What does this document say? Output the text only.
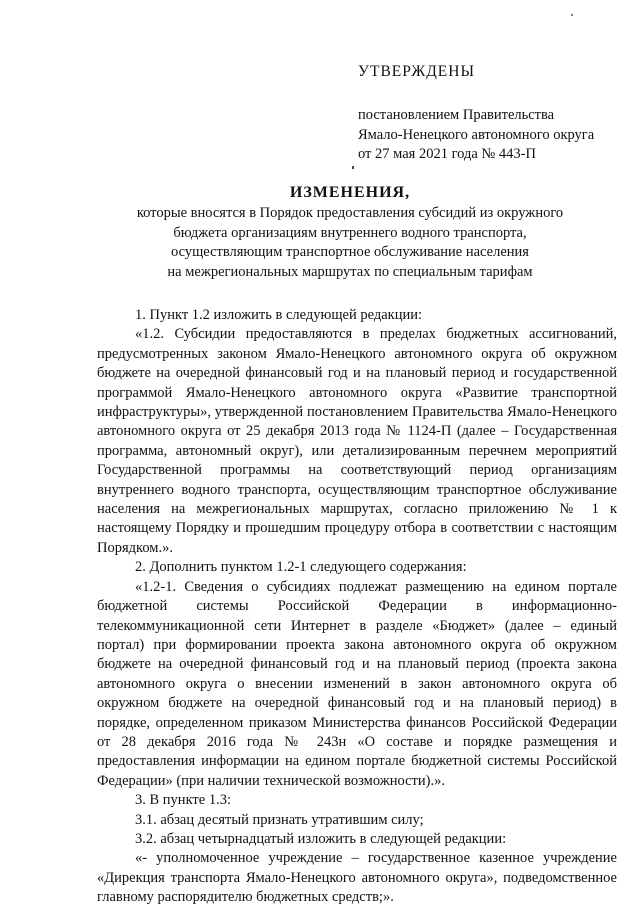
УТВЕРЖДЕНЫ

постановлением Правительства

Ямало-Ненецкого автономного округа

от 27 мая 2021 года № 443-П

ИЗМЕНЕНИЯ,

которые вносятся в Порядок предоставления субсидий из окружного
бюджета организациям внутреннего водного транспорта,
осуществляющим транспортное обслуживание населения
на межрегиональных маршрутах по специальным тарифам

1. Пункт 1.2 изложить в следующей редакции:

«1.2. Субсидии предоставляются в пределах бюджетных ассигнований, предусмотренных законом Ямало-Ненецкого автономного округа об окружном бюджете на очередной финансовый год и на плановый период и государственной программой Ямало-Ненецкого автономного округа «Развитие транспортной инфраструктуры», утвержденной постановлением Правительства Ямало-Ненецкого автономного округа от 25 декабря 2013 года № 1124-П (далее – Государственная программа, автономный округ), или детализированным перечнем мероприятий Государственной программы на соответствующий период организациям внутреннего водного транспорта, осуществляющим транспортное обслуживание населения на межрегиональных маршрутах, согласно приложению № 1 к настоящему Порядку и прошедшим процедуру отбора в соответствии с настоящим Порядком.».

2. Дополнить пунктом 1.2-1 следующего содержания:

«1.2-1. Сведения о субсидиях подлежат размещению на едином портале бюджетной системы Российской Федерации в информационно-телекоммуникационной сети Интернет в разделе «Бюджет» (далее – единый портал) при формировании проекта закона автономного округа об окружном бюджете на очередной финансовый год и на плановый период (проекта закона автономного округа о внесении изменений в закон автономного округа об окружном бюджете на очередной финансовый год и на плановый период) в порядке, определенном приказом Министерства финансов Российской Федерации от 28 декабря 2016 года № 243н «О составе и порядке размещения и предоставления информации на едином портале бюджетной системы Российской Федерации» (при наличии технической возможности).».

3. В пункте 1.3:

3.1. абзац десятый признать утратившим силу;

3.2. абзац четырнадцатый изложить в следующей редакции:

«- уполномоченное учреждение – государственное казенное учреждение «Дирекция транспорта Ямало-Ненецкого автономного округа», подведомственное главному распорядителю бюджетных средств;».
